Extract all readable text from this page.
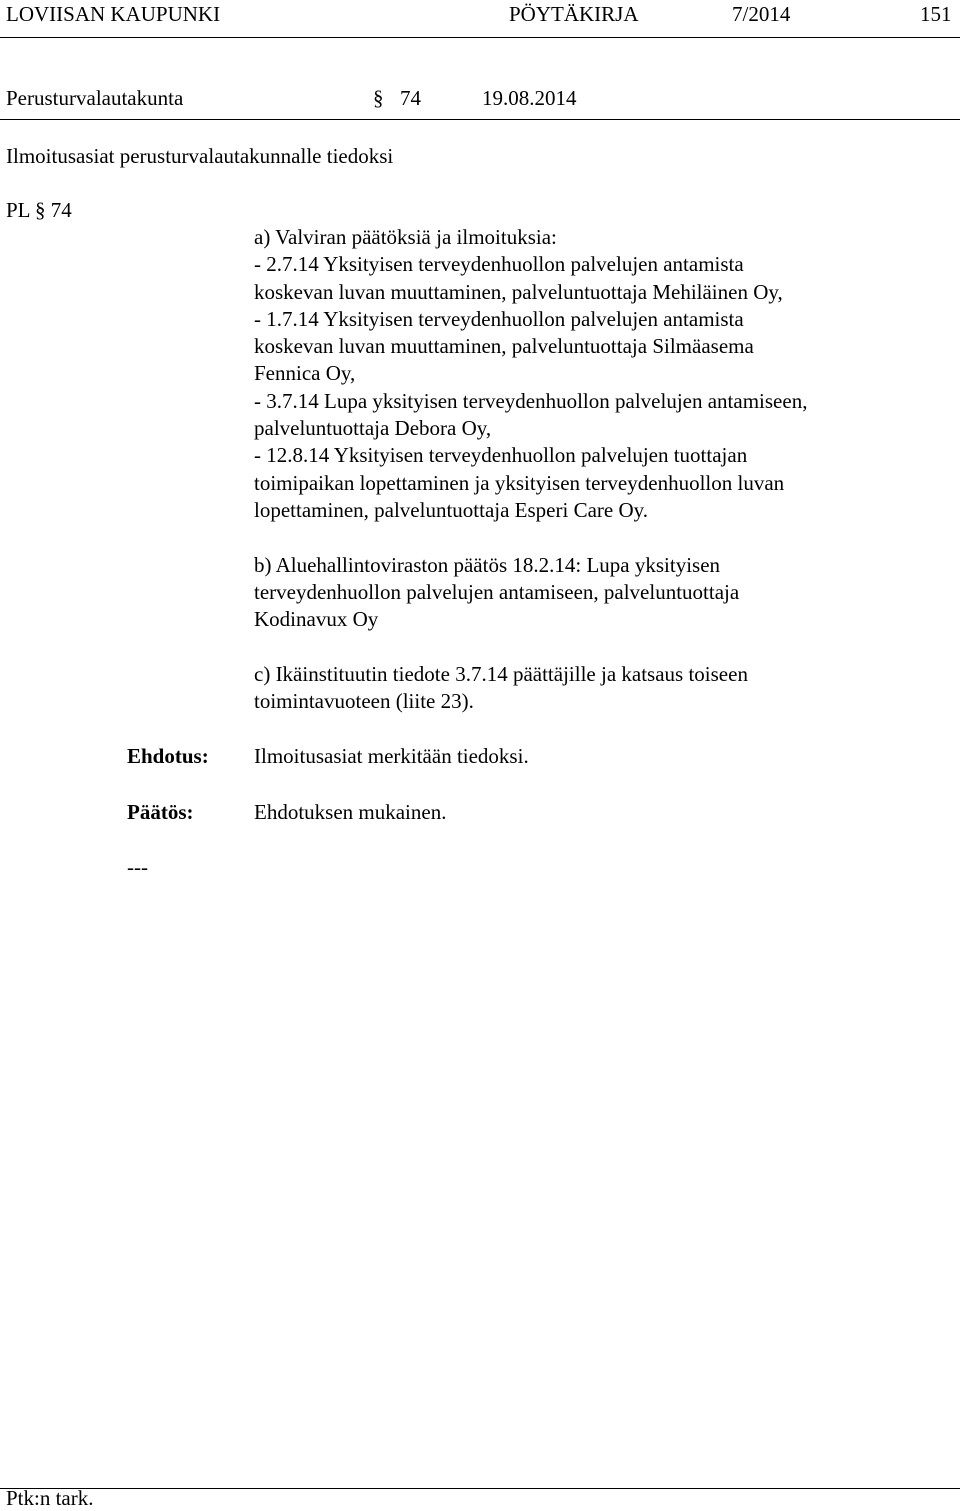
LOVIISAN KAUPUNKI	PÖYTÄKIRJA	7/2014	151
Perusturvalautakunta	§ 74	19.08.2014
Ilmoitusasiat perusturvalautakunnalle tiedoksi
PL § 74
a) Valviran päätöksiä ja ilmoituksia:
- 2.7.14 Yksityisen terveydenhuollon palvelujen antamista
koskevan luvan muuttaminen, palveluntuottaja Mehiläinen Oy,
- 1.7.14 Yksityisen terveydenhuollon palvelujen antamista
koskevan luvan muuttaminen, palveluntuottaja Silmäasema
Fennica Oy,
- 3.7.14 Lupa yksityisen terveydenhuollon palvelujen antamiseen,
palveluntuottaja Debora Oy,
- 12.8.14 Yksityisen terveydenhuollon palvelujen tuottajan
toimipaikan lopettaminen ja yksityisen terveydenhuollon luvan
lopettaminen, palveluntuottaja Esperi Care Oy.
b) Aluehallintoviraston päätös 18.2.14: Lupa yksityisen
terveydenhuollon palvelujen antamiseen, palveluntuottaja
Kodinavux Oy
c) Ikäinstituutin tiedote 3.7.14 päättäjille ja katsaus toiseen
toimintavuoteen (liite 23).
Ehdotus: Ilmoitusasiat merkitään tiedoksi.
Päätös:	Ehdotuksen mukainen.
---
Ptk:n tark.
